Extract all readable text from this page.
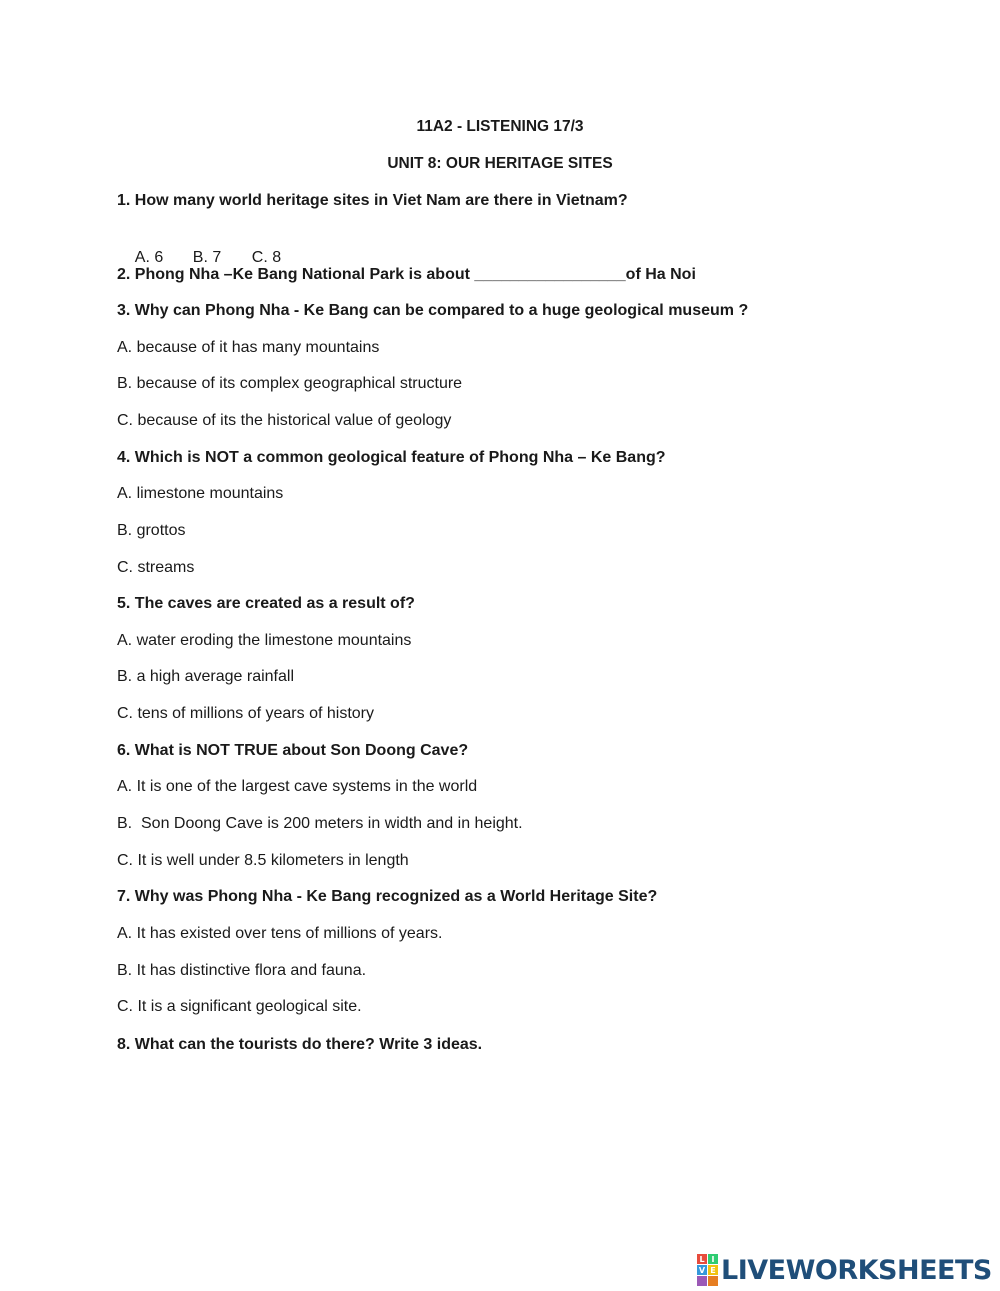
11A2 - LISTENING 17/3
UNIT 8: OUR HERITAGE SITES
1. How many world heritage sites in Viet Nam are there in Vietnam?

A. 6 B. 7 C. 8

2. Phong Nha –Ke Bang National Park is about _________________of Ha Noi
3. Why can Phong Nha - Ke Bang can be compared to a huge geological museum ?
A. because of it has many mountains
B. because of its complex geographical structure
C. because of its the historical value of geology
4. Which is NOT a common geological feature of Phong Nha – Ke Bang?
A. limestone mountains
B. grottos
C. streams
5. The caves are created as a result of?
A. water eroding the limestone mountains
B. a high average rainfall
C. tens of millions of years of history
6. What is NOT TRUE about Son Doong Cave?
A. It is one of the largest cave systems in the world
B.  Son Doong Cave is 200 meters in width and in height.
C. It is well under 8.5 kilometers in length
7. Why was Phong Nha - Ke Bang recognized as a World Heritage Site?
A. It has existed over tens of millions of years.
B. It has distinctive flora and fauna.
C. It is a significant geological site.
8. What can the tourists do there? Write 3 ideas.
L I
V E LIVEWORKSHEETS
